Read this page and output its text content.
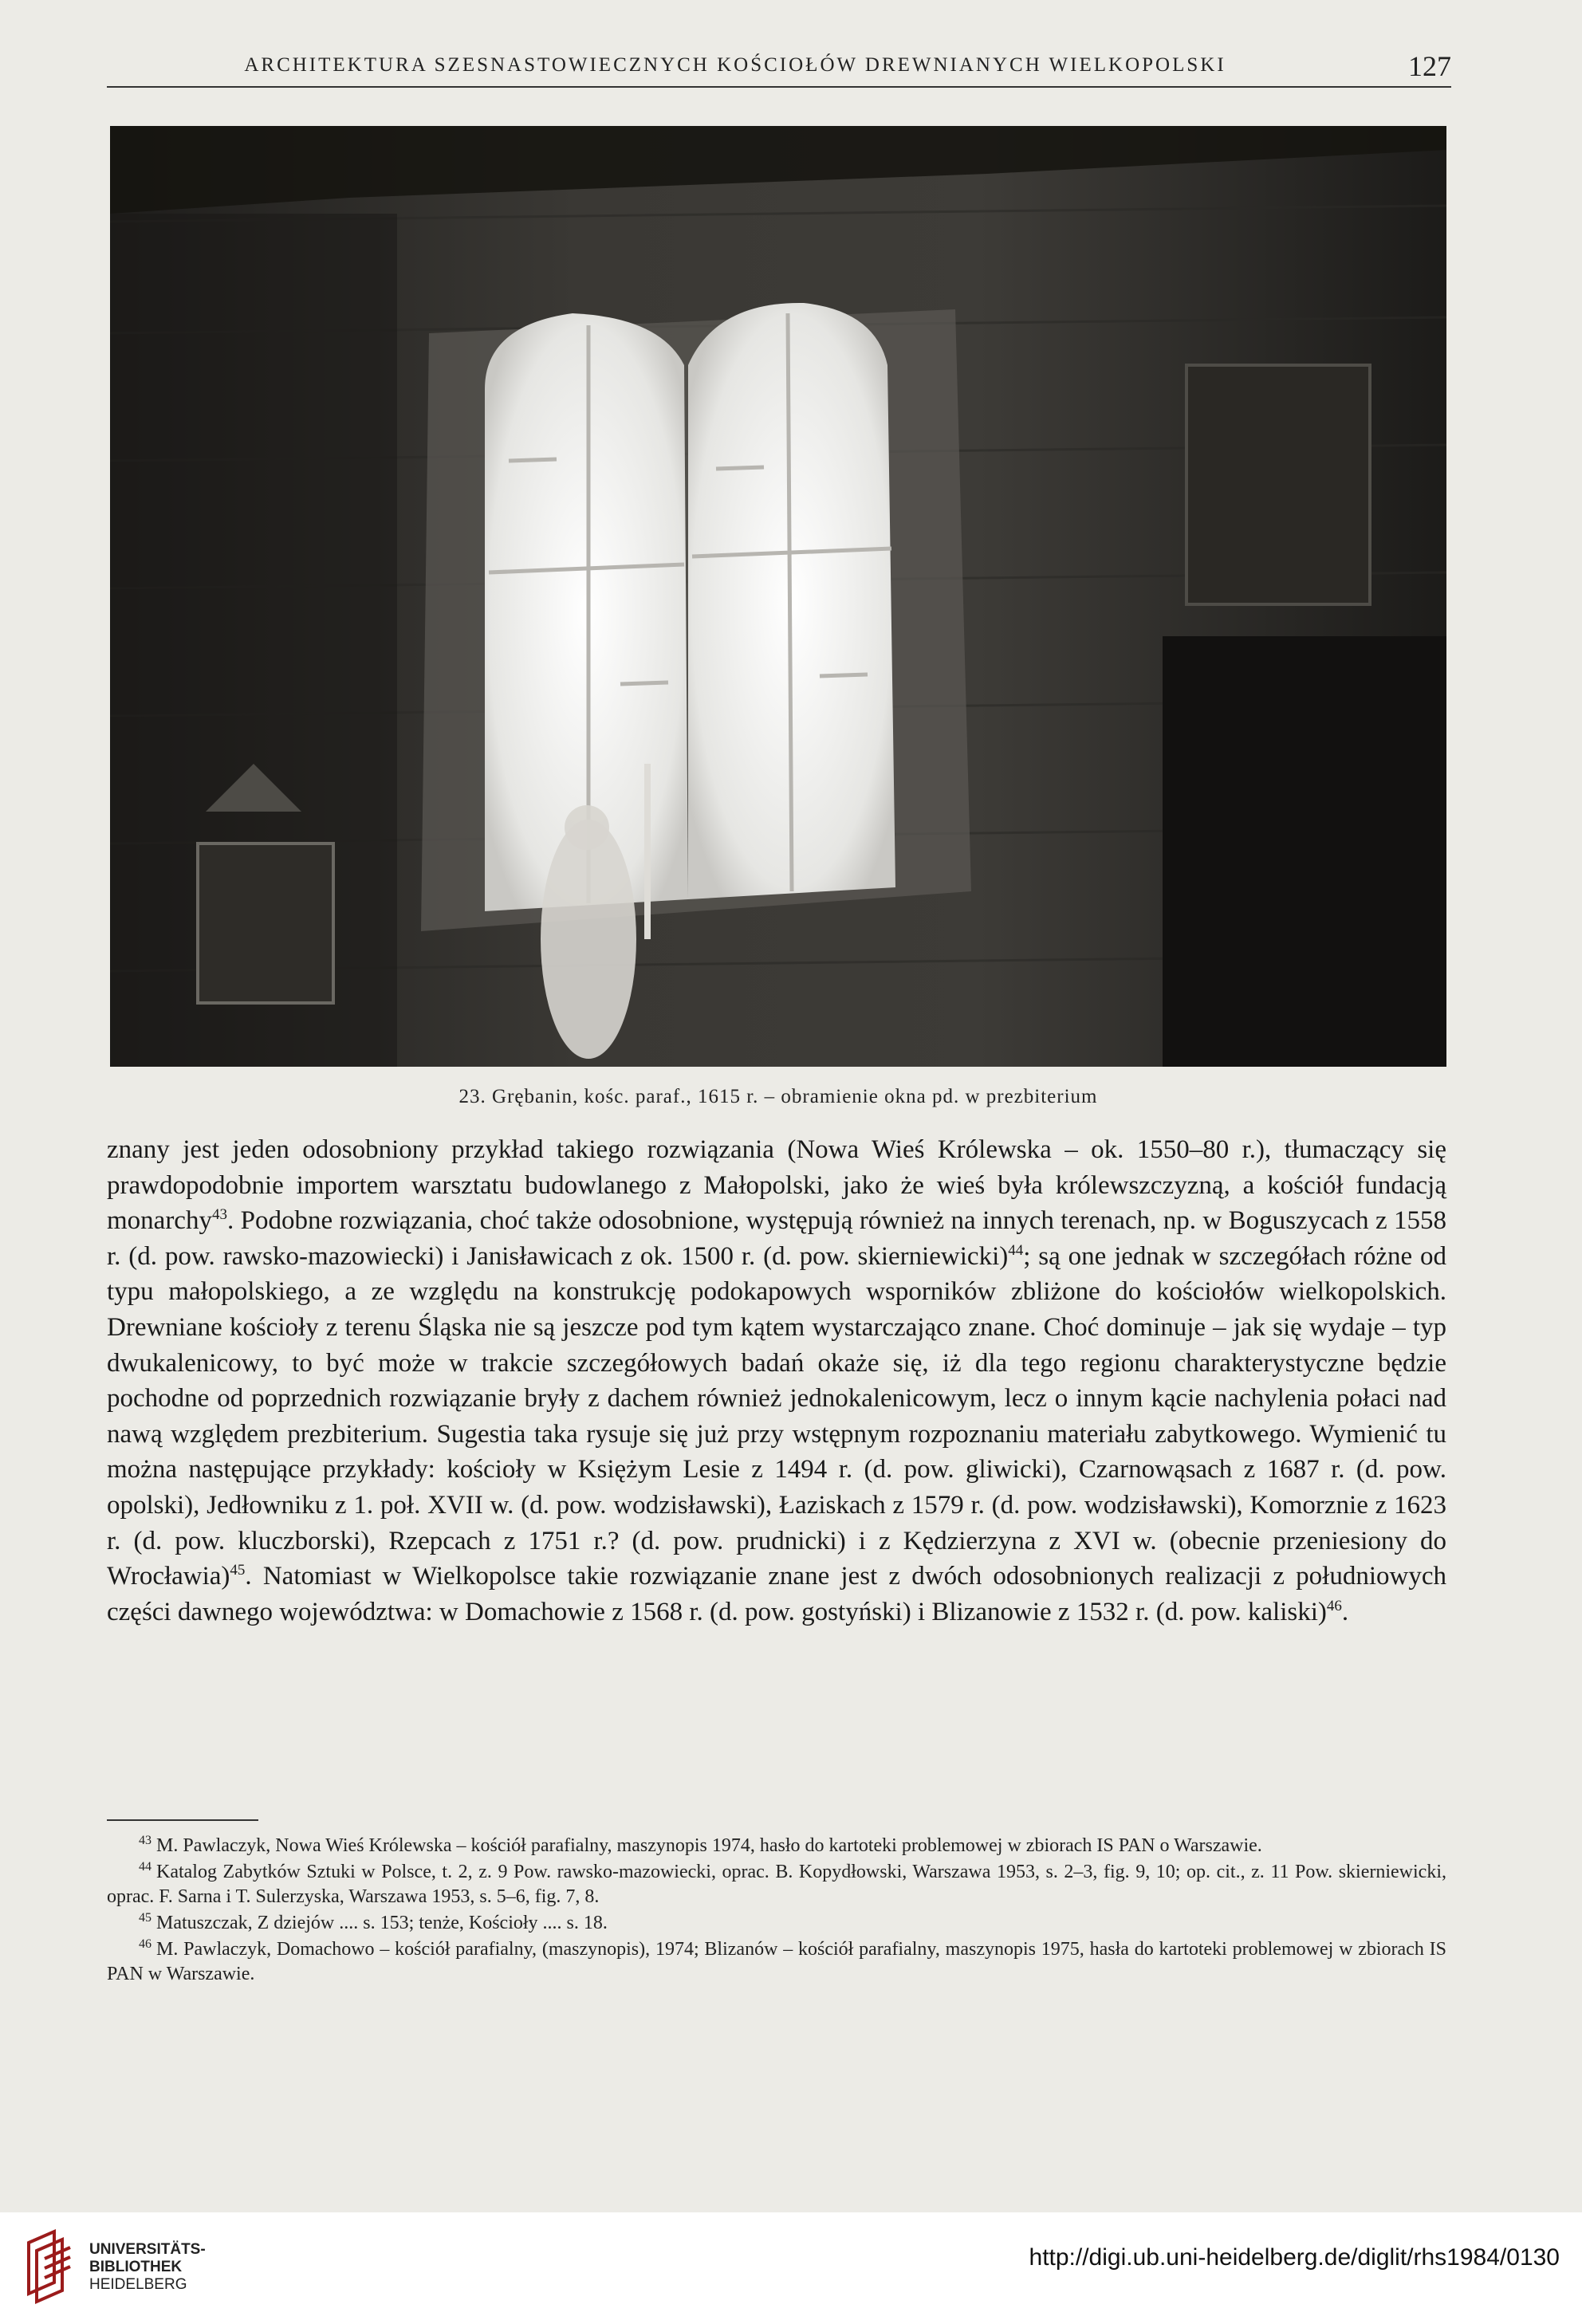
ARCHITEKTURA SZESNASTOWIECZNYCH KOŚCIOŁÓW DREWNIANYCH WIELKOPOLSKI	127
23. Grębanin, kośc. paraf., 1615 r. – obramienie okna pd. w prezbiterium

znany jest jeden odosobniony przykład takiego rozwiązania (Nowa Wieś Królewska – ok. 1550–80 r.), tłumaczący się prawdopodobnie importem warsztatu budowlanego z Małopolski, jako że wieś była królewszczyzną, a kościół fundacją monarchy$^{43}$. Podobne rozwiązania, choć także odosobnione, występują również na innych terenach, np. w Boguszycach z 1558 r. (d. pow. rawsko-mazowiecki) i Janisławicach z ok. 1500 r. (d. pow. skierniewicki)$^{44}$; są one jednak w szczegółach różne od typu małopolskiego, a ze względu na konstrukcję podokapowych wsporników zbliżone do kościołów wielkopolskich. Drewniane kościoły z terenu Śląska nie są jeszcze pod tym kątem wystarczająco znane. Choć dominuje – jak się wydaje – typ dwukalenicowy, to być może w trakcie szczegółowych badań okaże się, iż dla tego regionu charakterystyczne będzie pochodne od poprzednich rozwiązanie bryły z dachem również jednokalenicowym, lecz o innym kącie nachylenia połaci nad nawą względem prezbiterium. Sugestia taka rysuje się już przy wstępnym rozpoznaniu materiału zabytkowego. Wymienić tu można następujące przykłady: kościoły w Księżym Lesie z 1494 r. (d. pow. gliwicki), Czarnowąsach z 1687 r. (d. pow. opolski), Jedłowniku z 1. poł. XVII w. (d. pow. wodzisławski), Łaziskach z 1579 r. (d. pow. wodzisławski), Komorznie z 1623 r. (d. pow. kluczborski), Rzepcach z 1751 r.? (d. pow. prudnicki) i z Kędzierzyna z XVI w. (obecnie przeniesiony do Wrocławia)$^{45}$. Natomiast w Wielkopolsce takie rozwiązanie znane jest z dwóch odosobnionych realizacji z południowych części dawnego województwa: w Domachowie z 1568 r. (d. pow. gostyński) i Blizanowie z 1532 r. (d. pow. kaliski)$^{46}$.

$^{43}$ M. Pawlaczyk, Nowa Wieś Królewska – kościół parafialny, maszynopis 1974, hasło do kartoteki problemowej w zbiorach IS PAN o Warszawie.

$^{44}$ Katalog Zabytków Sztuki w Polsce, t. 2, z. 9 Pow. rawsko-mazowiecki, oprac. B. Kopydłowski, Warszawa 1953, s. 2–3, fig. 9, 10; op. cit., z. 11 Pow. skierniewicki, oprac. F. Sarna i T. Sulerzyska, Warszawa 1953, s. 5–6, fig. 7, 8.

$^{45}$ Matuszczak, Z dziejów .... s. 153; tenże, Kościoły .... s. 18.

$^{46}$ M. Pawlaczyk, Domachowo – kościół parafialny, (maszynopis), 1974; Blizanów – kościół parafialny, maszynopis 1975, hasła do kartoteki problemowej w zbiorach IS PAN w Warszawie.

UNIVERSITÄTS-
BIBLIOTHEK
HEIDELBERG
http://digi.ub.uni-heidelberg.de/diglit/rhs1984/0130
